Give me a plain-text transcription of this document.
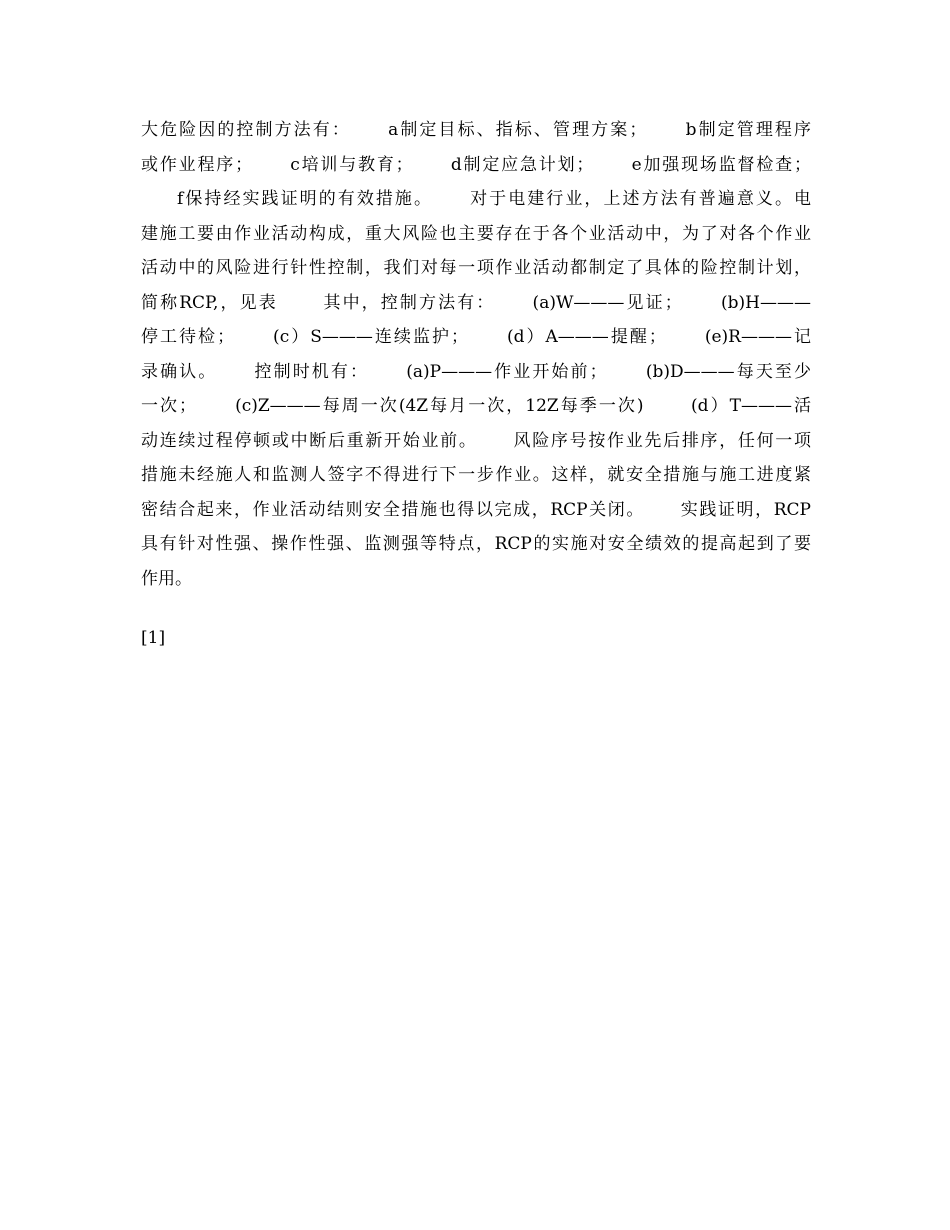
大危险因的控制方法有：　　 a制定目标、指标、管理方案；　　 b制定管理程序
或作业程序；　　 c培训与教育；　　 d制定应急计划；　　 e加强现场监督检查；
f保持经实践证明的有效措施。　　 对于电建行业，上述方法有普遍意义。电
建施工要由作业活动构成，重大风险也主要存在于各个业活动中，为了对各个作业
活动中的风险进行针性控制，我们对每一项作业活动都制定了具体的险控制计划，
简称RCP,，见表　　 其中，控制方法有：　　 (a)W———见证；　　 (b)H———
停工待检；　　 (c）S———连续监护；　　 (d）A———提醒；　　 (e)R———记
录确认。　　 控制时机有：　　 (a)P———作业开始前；　　 (b)D———每天至少
一次；　　 (c)Z———每周一次(4Z每月一次，12Z每季一次)　　 (d）T———活
动连续过程停顿或中断后重新开始业前。　　 风险序号按作业先后排序，任何一项
措施未经施人和监测人签字不得进行下一步作业。这样，就安全措施与施工进度紧
密结合起来，作业活动结则安全措施也得以完成，RCP关闭。　　 实践证明，RCP
具有针对性强、操作性强、监测强等特点，RCP的实施对安全绩效的提高起到了要
作用。
[1]
